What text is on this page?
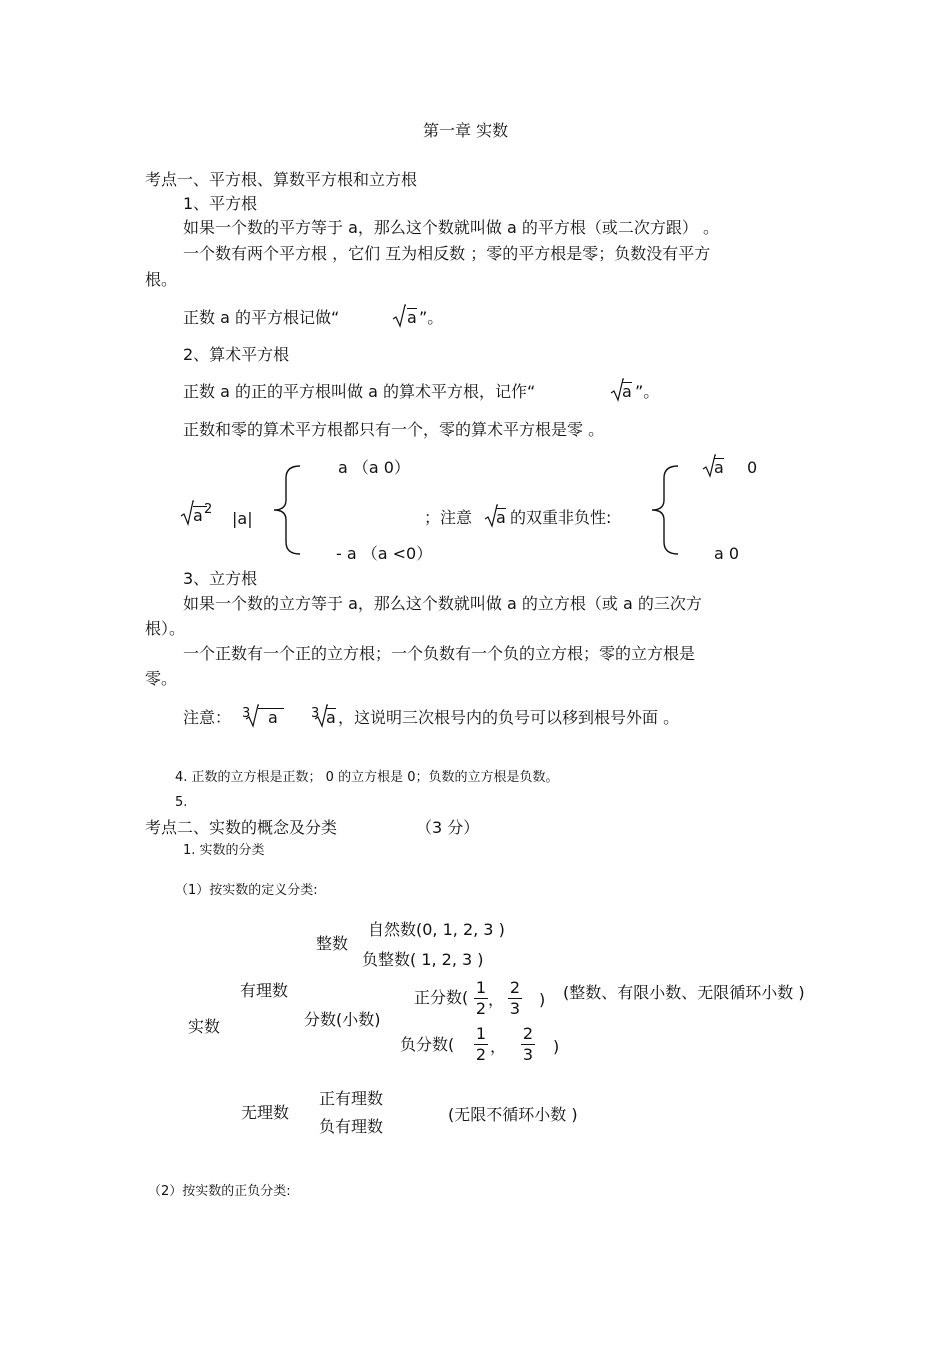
第一章 实数
考点一、平方根、算数平方根和立方根
1、平方根
如果一个数的平方等于 a，那么这个数就叫做 a 的平方根（或二次方跟） 。
一个数有两个平方根 ，它们 互为相反数 ；零的平方根是零；负数没有平方
根。
正数 a 的平方根记做“	a ”。
2、算术平方根
正数 a 的正的平方根叫做 a 的算术平方根，记作“	a ”。
正数和零的算术平方根都只有一个，零的算术平方根是零 。
a 2 |a|
a （a 0）
- a （a <0）
；注意 a 的双重非负性:
a 0
a 0
3、立方根
如果一个数的立方等于 a，那么这个数就叫做 a 的立方根（或 a 的三次方
根）。
一个正数有一个正的立方根；一个负数有一个负的立方根；零的立方根是
零。
注意： 3	a	3 a ，这说明三次根号内的负号可以移到根号外面 。
4. 正数的立方根是正数； 0 的立方根是 0；负数的立方根是负数。
5.
考点二、实数的概念及分类	（3 分）
1. 实数的分类
（1）按实数的定义分类:
实数
有理数
整数
自然数(0, 1, 2, 3 )
负整数( 1, 2, 3 )
分数(小数)
正分数(
1
2 ，
2
3 ) (整数、有限小数、无限循环小数 )
负分数(
1
2 ，
2
3 )
无理数
正有理数
负有理数
(无限不循环小数 )
（2）按实数的正负分类:
